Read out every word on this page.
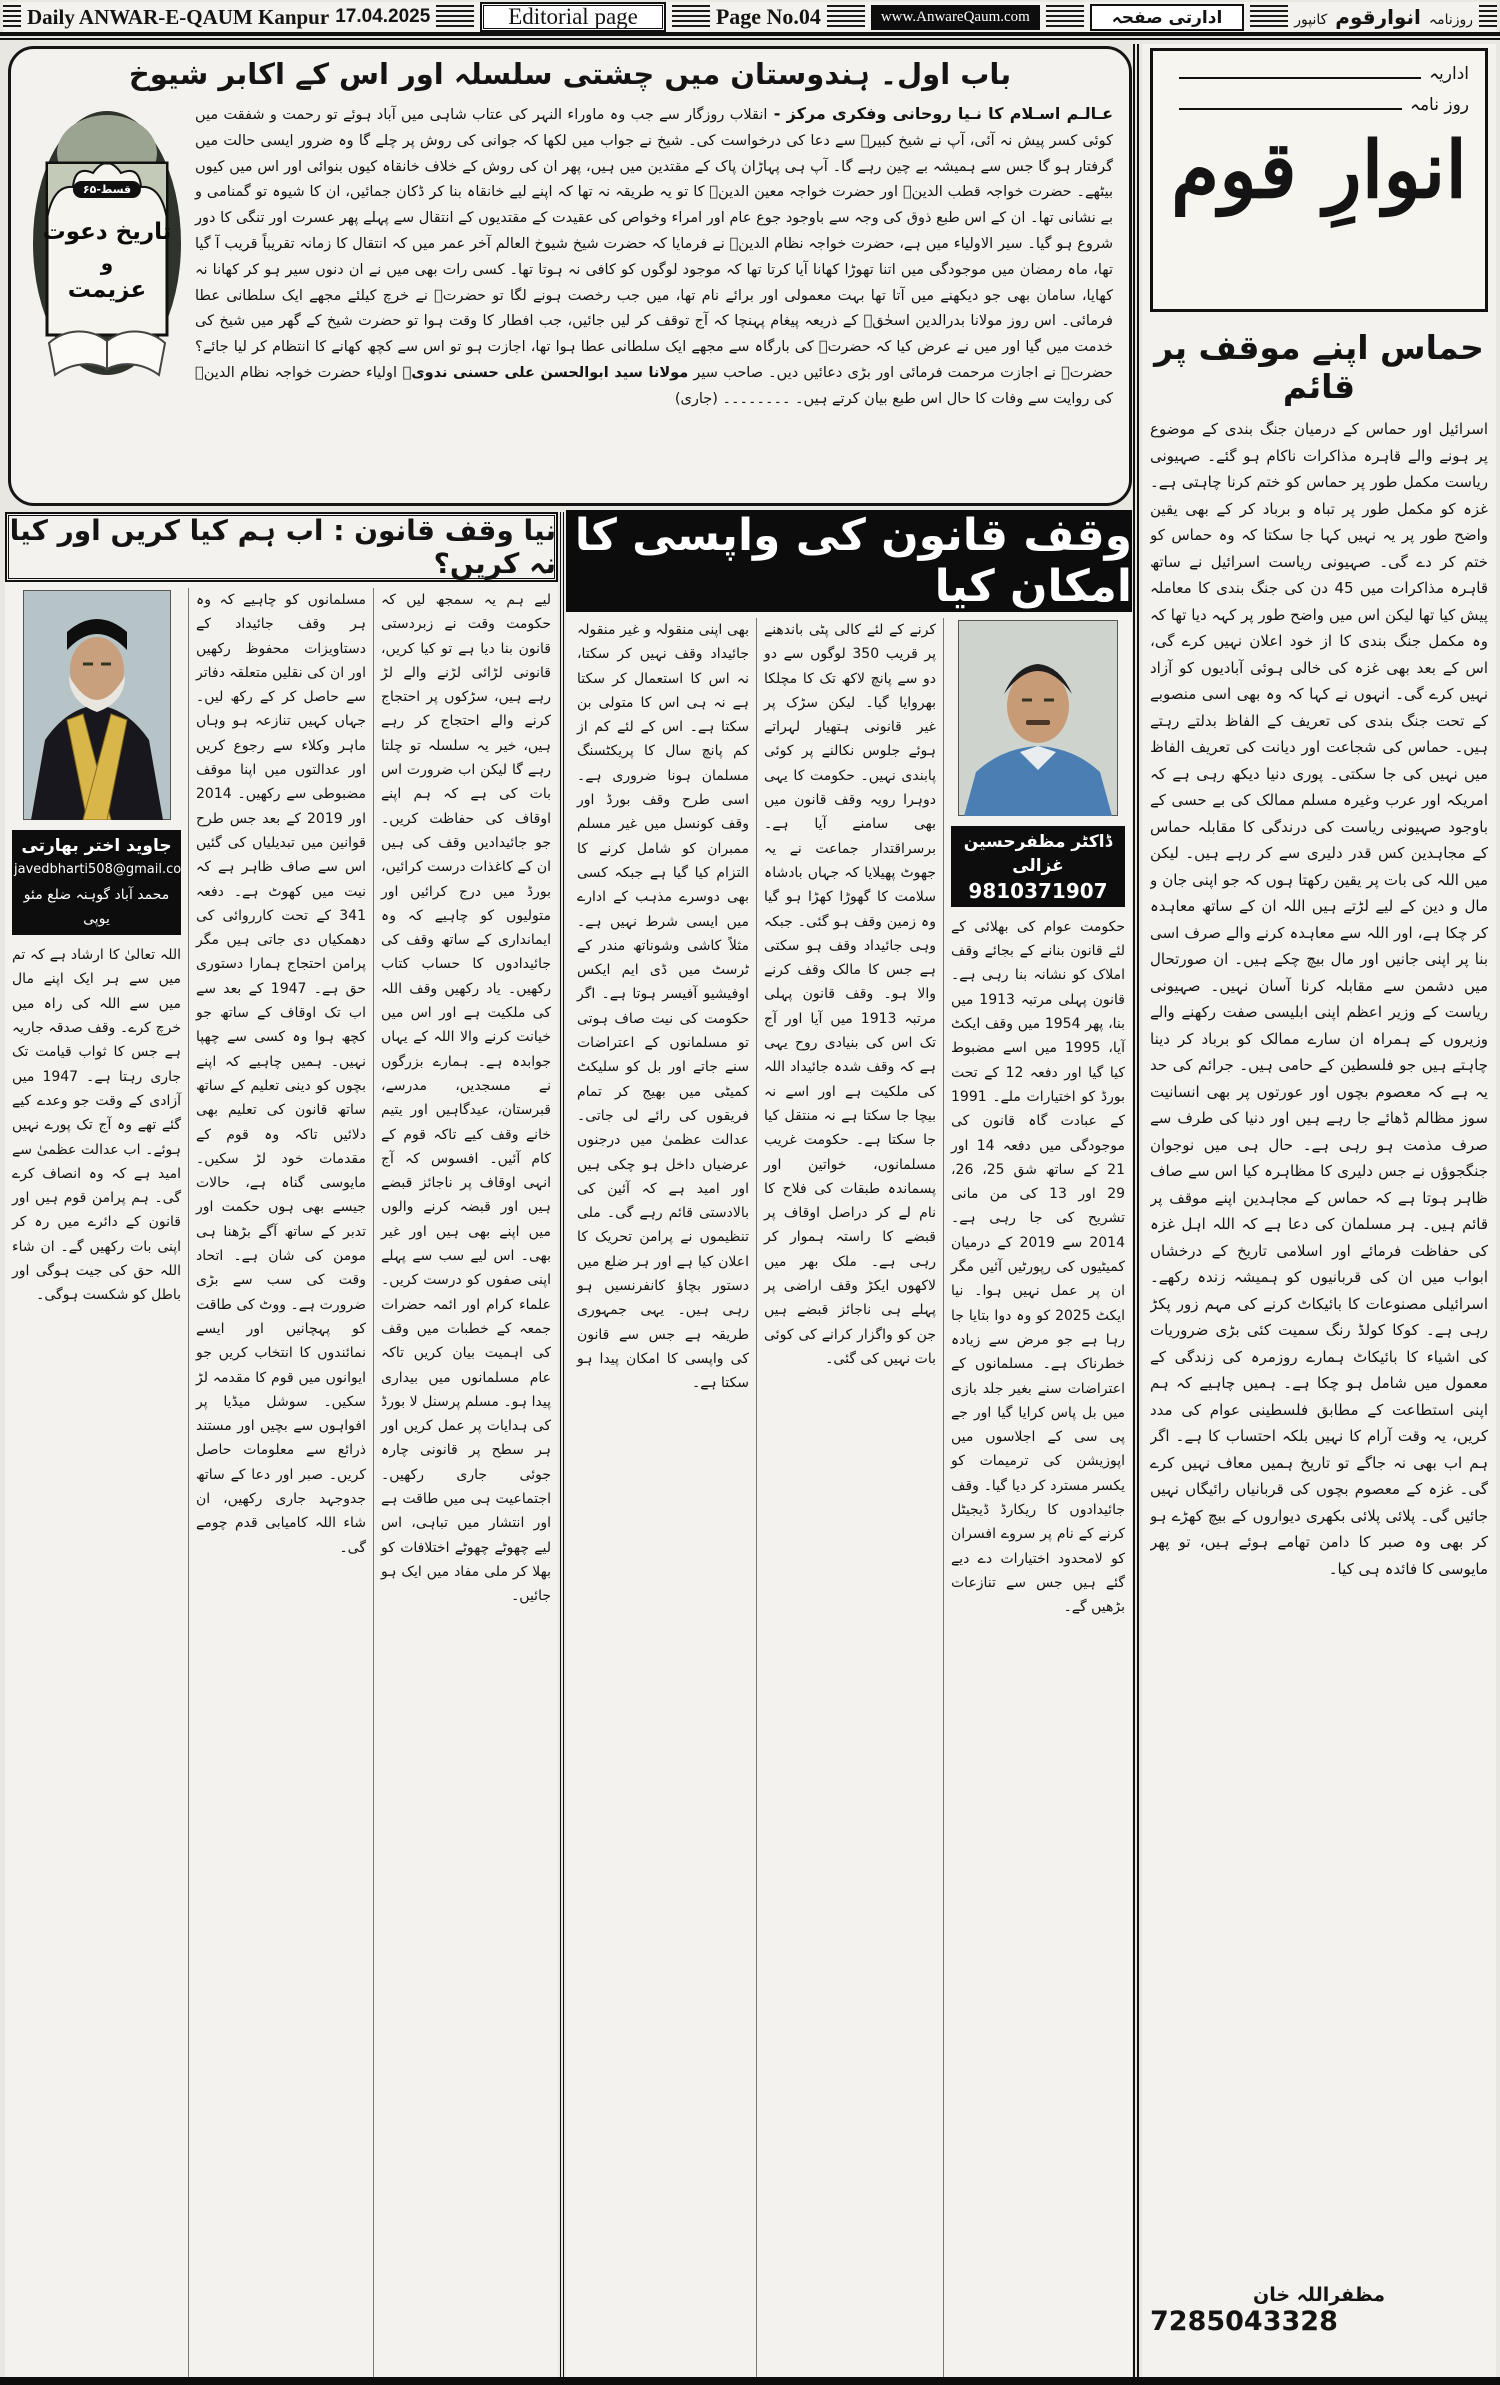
Daily ANWAR-E-QAUM Kanpur 17.04.2025	Editorial page	Page No.04	www.AnwareQaum.com	ادارتی صفحہ	روزنامہ
انوارقوم
کانپور
باب اول۔ ہندوستان میں چشتی سلسلہ اور اس کے اکابر شیوخ
قسط-۶۵
تاریخ دعوت
و
عزیمت

عـالـم اسـلام کا نـیا روحانی وفکری مرکز - انقلاب روزگار سے جب وہ ماوراء النہر کی عتاب شاہی میں آباد ہوئے تو رحمت و شفقت میں کوئی کسر پیش نہ آئی، آپ نے شیخ کبیرؒ سے دعا کی درخواست کی۔ شیخ نے جواب میں لکھا کہ جوانی کی روش پر چلے گا وہ ضرور ایسی حالت میں گرفتار ہو گا جس سے ہمیشہ بے چین رہے گا۔ آپ ہی پہاڑان پاک کے مقتدین میں ہیں، پھر ان کی روش کے خلاف خانقاہ کیوں بنوائی اور اس میں کیوں بیٹھے۔ حضرت خواجہ قطب الدینؒ اور حضرت خواجہ معین الدینؒ کا تو یہ طریقہ نہ تھا کہ اپنے لیے خانقاہ بنا کر ڈکان جمائیں، ان کا شیوہ تو گمنامی و بے نشانی تھا۔ ان کے اس طبع ذوق کی وجہ سے باوجود جوع عام اور امراء وخواص کی عقیدت کے مقتدیوں کے انتقال سے پہلے پھر عسرت اور تنگی کا دور شروع ہو گیا۔ سیر الاولیاء میں ہے، حضرت خواجہ نظام الدینؒ نے فرمایا کہ حضرت شیخ شیوخ العالم آخر عمر میں کہ انتقال کا زمانہ تقریباً قریب آ گیا تھا، ماہ رمضان میں موجودگی میں اتنا تھوڑا کھانا آیا کرتا تھا کہ موجود لوگوں کو کافی نہ ہوتا تھا۔ کسی رات بھی میں نے ان دنوں سیر ہو کر کھانا نہ کھایا، سامان بھی جو دیکھنے میں آتا تھا بہت معمولی اور برائے نام تھا، میں جب رخصت ہونے لگا تو حضرتؒ نے خرچ کیلئے مجھے ایک سلطانی عطا فرمائی۔ اس روز مولانا بدرالدین اسحٰقؒ کے ذریعہ پیغام پہنچا کہ آج توقف کر لیں جائیں، جب افطار کا وقت ہوا تو حضرت شیخ کے گھر میں شیخ کی خدمت میں گیا اور میں نے عرض کیا کہ حضرتؒ کی بارگاہ سے مجھے ایک سلطانی عطا ہوا تھا، اجازت ہو تو اس سے کچھ کھانے کا انتظام کر لیا جائے؟ حضرتؒ نے اجازت مرحمت فرمائی اور بڑی دعائیں دیں۔ صاحب سیر مولانا سید ابوالحسن علی حسنی ندویؒ اولیاء حضرت خواجہ نظام الدینؒ کی روایت سے وفات کا حال اس طبع بیان کرتے ہیں۔ ۔۔۔۔۔۔۔۔ (جاری)

اداریہ
روز نامہ
انوارِ قوم
حماس اپنے موقف پر قائم
اسرائیل اور حماس کے درمیان جنگ بندی کے موضوع پر ہونے والے قاہرہ مذاکرات ناکام ہو گئے۔ صہیونی ریاست مکمل طور پر حماس کو ختم کرنا چاہتی ہے۔ غزہ کو مکمل طور پر تباہ و برباد کر کے بھی یقین واضح طور پر یہ نہیں کہا جا سکتا کہ وہ حماس کو ختم کر دے گی۔ صہیونی ریاست اسرائیل نے ساتھ قاہرہ مذاکرات میں 45 دن کی جنگ بندی کا معاملہ پیش کیا تھا لیکن اس میں واضح طور پر کہہ دیا تھا کہ وہ مکمل جنگ بندی کا از خود اعلان نہیں کرے گی، اس کے بعد بھی غزہ کی خالی ہوئی آبادیوں کو آزاد نہیں کرے گی۔ انہوں نے کہا کہ وہ بھی اسی منصوبے کے تحت جنگ بندی کی تعریف کے الفاظ بدلتے رہتے ہیں۔ حماس کی شجاعت اور دیانت کی تعریف الفاظ میں نہیں کی جا سکتی۔ پوری دنیا دیکھ رہی ہے کہ امریکہ اور عرب وغیرہ مسلم ممالک کی بے حسی کے باوجود صہیونی ریاست کی درندگی کا مقابلہ حماس کے مجاہدین کس قدر دلیری سے کر رہے ہیں۔ لیکن میں اللہ کی بات پر یقین رکھتا ہوں کہ جو اپنی جان و مال و دین کے لیے لڑتے ہیں اللہ ان کے ساتھ معاہدہ کر چکا ہے، اور اللہ سے معاہدہ کرنے والے صرف اسی بنا پر اپنی جانیں اور مال بیچ چکے ہیں۔ ان صورتحال میں دشمن سے مقابلہ کرنا آسان نہیں۔ صہیونی ریاست کے وزیر اعظم اپنی ابلیسی صفت رکھنے والے وزیروں کے ہمراہ ان سارے ممالک کو برباد کر دینا چاہتے ہیں جو فلسطین کے حامی ہیں۔ جرائم کی حد یہ ہے کہ معصوم بچوں اور عورتوں پر بھی انسانیت سوز مظالم ڈھائے جا رہے ہیں اور دنیا کی طرف سے صرف مذمت ہو رہی ہے۔ حال ہی میں نوجوان جنگجوؤں نے جس دلیری کا مظاہرہ کیا اس سے صاف ظاہر ہوتا ہے کہ حماس کے مجاہدین اپنے موقف پر قائم ہیں۔ ہر مسلمان کی دعا ہے کہ اللہ اہل غزہ کی حفاظت فرمائے اور اسلامی تاریخ کے درخشاں ابواب میں ان کی قربانیوں کو ہمیشہ زندہ رکھے۔ اسرائیلی مصنوعات کا بائیکاٹ کرنے کی مہم زور پکڑ رہی ہے۔ کوکا کولڈ رنگ سمیت کئی بڑی ضروریات کی اشیاء کا بائیکاٹ ہمارے روزمرہ کی زندگی کے معمول میں شامل ہو چکا ہے۔ ہمیں چاہیے کہ ہم اپنی استطاعت کے مطابق فلسطینی عوام کی مدد کریں، یہ وقت آرام کا نہیں بلکہ احتساب کا ہے۔ اگر ہم اب بھی نہ جاگے تو تاریخ ہمیں معاف نہیں کرے گی۔ غزہ کے معصوم بچوں کی قربانیاں رائیگاں نہیں جائیں گی۔ پلائی پلائی بکھری دیواروں کے بیچ کھڑے ہو کر بھی وہ صبر کا دامن تھامے ہوئے ہیں، تو پھر مایوسی کا فائدہ ہی کیا۔
مظفراللہ خان
7285043328
نیا وقف قانون : اب ہم کیا کریں اور کیا نہ کریں؟
لیے ہم یہ سمجھ لیں کہ حکومت وقت نے زبردستی قانون بنا دیا ہے تو کیا کریں، قانونی لڑائی لڑنے والے لڑ رہے ہیں، سڑکوں پر احتجاج کرنے والے احتجاج کر رہے ہیں، خیر یہ سلسلہ تو چلتا رہے گا لیکن اب ضرورت اس بات کی ہے کہ ہم اپنے اوقاف کی حفاظت کریں۔ جو جائیدادیں وقف کی ہیں ان کے کاغذات درست کرائیں، بورڈ میں درج کرائیں اور متولیوں کو چاہیے کہ وہ ایمانداری کے ساتھ وقف کی جائیدادوں کا حساب کتاب رکھیں۔ یاد رکھیں وقف اللہ کی ملکیت ہے اور اس میں خیانت کرنے والا اللہ کے یہاں جوابدہ ہے۔ ہمارے بزرگوں نے مسجدیں، مدرسے، قبرستان، عیدگاہیں اور یتیم خانے وقف کیے تاکہ قوم کے کام آئیں۔ افسوس کہ آج انہی اوقاف پر ناجائز قبضے ہیں اور قبضہ کرنے والوں میں اپنے بھی ہیں اور غیر بھی۔ اس لیے سب سے پہلے اپنی صفوں کو درست کریں۔ علماء کرام اور ائمہ حضرات جمعہ کے خطبات میں وقف کی اہمیت بیان کریں تاکہ عام مسلمانوں میں بیداری پیدا ہو۔ مسلم پرسنل لا بورڈ کی ہدایات پر عمل کریں اور ہر سطح پر قانونی چارہ جوئی جاری رکھیں۔ اجتماعیت ہی میں طاقت ہے اور انتشار میں تباہی، اس لیے چھوٹے چھوٹے اختلافات کو بھلا کر ملی مفاد میں ایک ہو جائیں۔
مسلمانوں کو چاہیے کہ وہ ہر وقف جائیداد کے دستاویزات محفوظ رکھیں اور ان کی نقلیں متعلقہ دفاتر سے حاصل کر کے رکھ لیں۔ جہاں کہیں تنازعہ ہو وہاں ماہر وکلاء سے رجوع کریں اور عدالتوں میں اپنا موقف مضبوطی سے رکھیں۔ 2014 اور 2019 کے بعد جس طرح قوانین میں تبدیلیاں کی گئیں اس سے صاف ظاہر ہے کہ نیت میں کھوٹ ہے۔ دفعہ 341 کے تحت کارروائی کی دھمکیاں دی جاتی ہیں مگر پرامن احتجاج ہمارا دستوری حق ہے۔ 1947 کے بعد سے اب تک اوقاف کے ساتھ جو کچھ ہوا وہ کسی سے چھپا نہیں۔ ہمیں چاہیے کہ اپنے بچوں کو دینی تعلیم کے ساتھ ساتھ قانون کی تعلیم بھی دلائیں تاکہ وہ قوم کے مقدمات خود لڑ سکیں۔ مایوسی گناہ ہے، حالات جیسے بھی ہوں حکمت اور تدبر کے ساتھ آگے بڑھنا ہی مومن کی شان ہے۔ اتحاد وقت کی سب سے بڑی ضرورت ہے۔ ووٹ کی طاقت کو پہچانیں اور ایسے نمائندوں کا انتخاب کریں جو ایوانوں میں قوم کا مقدمہ لڑ سکیں۔ سوشل میڈیا پر افواہوں سے بچیں اور مستند ذرائع سے معلومات حاصل کریں۔ صبر اور دعا کے ساتھ جدوجہد جاری رکھیں، ان شاء اللہ کامیابی قدم چومے گی۔
جاوید اختر بھارتی
javedbharti508@gmail.co
محمد آباد گوہنہ ضلع مئو یوپی
اللہ تعالیٰ کا ارشاد ہے کہ تم میں سے ہر ایک اپنے مال میں سے اللہ کی راہ میں خرچ کرے۔ وقف صدقہ جاریہ ہے جس کا ثواب قیامت تک جاری رہتا ہے۔ 1947 میں آزادی کے وقت جو وعدے کیے گئے تھے وہ آج تک پورے نہیں ہوئے۔ اب عدالت عظمیٰ سے امید ہے کہ وہ انصاف کرے گی۔ ہم پرامن قوم ہیں اور قانون کے دائرے میں رہ کر اپنی بات رکھیں گے۔ ان شاء اللہ حق کی جیت ہوگی اور باطل کو شکست ہوگی۔
وقف قانون کی واپسی کا امکان کیا
ڈاکٹر مظفرحسین غزالی
9810371907
حکومت عوام کی بھلائی کے لئے قانون بنانے کے بجائے وقف املاک کو نشانہ بنا رہی ہے۔ قانون پہلی مرتبہ 1913 میں بنا، پھر 1954 میں وقف ایکٹ آیا، 1995 میں اسے مضبوط کیا گیا اور دفعہ 12 کے تحت بورڈ کو اختیارات ملے۔ 1991 کے عبادت گاہ قانون کی موجودگی میں دفعہ 14 اور 21 کے ساتھ شق 25، 26، 29 اور 13 کی من مانی تشریح کی جا رہی ہے۔ 2014 سے 2019 کے درمیان کمیٹیوں کی رپورٹیں آئیں مگر ان پر عمل نہیں ہوا۔ نیا ایکٹ 2025 کو وہ دوا بتایا جا رہا ہے جو مرض سے زیادہ خطرناک ہے۔ مسلمانوں کے اعتراضات سنے بغیر جلد بازی میں بل پاس کرایا گیا اور جے پی سی کے اجلاسوں میں اپوزیشن کی ترمیمات کو یکسر مسترد کر دیا گیا۔ وقف جائیدادوں کا ریکارڈ ڈیجیٹل کرنے کے نام پر سروے افسران کو لامحدود اختیارات دے دیے گئے ہیں جس سے تنازعات بڑھیں گے۔
کرنے کے لئے کالی پٹی باندھنے پر قریب 350 لوگوں سے دو دو سے پانچ لاکھ تک کا مچلکا بھروایا گیا۔ لیکن سڑک پر غیر قانونی ہتھیار لہراتے ہوئے جلوس نکالنے پر کوئی پابندی نہیں۔ حکومت کا یہی دوہرا رویہ وقف قانون میں بھی سامنے آیا ہے۔ برسراقتدار جماعت نے یہ جھوٹ پھیلایا کہ جہاں بادشاہ سلامت کا گھوڑا کھڑا ہو گیا وہ زمین وقف ہو گئی۔ جبکہ وہی جائیداد وقف ہو سکتی ہے جس کا مالک وقف کرنے والا ہو۔ وقف قانون پہلی مرتبہ 1913 میں آیا اور آج تک اس کی بنیادی روح یہی ہے کہ وقف شدہ جائیداد اللہ کی ملکیت ہے اور اسے نہ بیچا جا سکتا ہے نہ منتقل کیا جا سکتا ہے۔ حکومت غریب مسلمانوں، خواتین اور پسماندہ طبقات کی فلاح کا نام لے کر دراصل اوقاف پر قبضے کا راستہ ہموار کر رہی ہے۔ ملک بھر میں لاکھوں ایکڑ وقف اراضی پر پہلے ہی ناجائز قبضے ہیں جن کو واگزار کرانے کی کوئی بات نہیں کی گئی۔
بھی اپنی منقولہ و غیر منقولہ جائیداد وقف نہیں کر سکتا، نہ اس کا استعمال کر سکتا ہے نہ ہی اس کا متولی بن سکتا ہے۔ اس کے لئے کم از کم پانچ سال کا پریکٹسنگ مسلمان ہونا ضروری ہے۔ اسی طرح وقف بورڈ اور وقف کونسل میں غیر مسلم ممبران کو شامل کرنے کا التزام کیا گیا ہے جبکہ کسی بھی دوسرے مذہب کے ادارے میں ایسی شرط نہیں ہے۔ مثلاً کاشی وشوناتھ مندر کے ٹرسٹ میں ڈی ایم ایکس اوفیشیو آفیسر ہوتا ہے۔ اگر حکومت کی نیت صاف ہوتی تو مسلمانوں کے اعتراضات سنے جاتے اور بل کو سلیکٹ کمیٹی میں بھیج کر تمام فریقوں کی رائے لی جاتی۔ عدالت عظمیٰ میں درجنوں عرضیاں داخل ہو چکی ہیں اور امید ہے کہ آئین کی بالادستی قائم رہے گی۔ ملی تنظیموں نے پرامن تحریک کا اعلان کیا ہے اور ہر ضلع میں دستور بچاؤ کانفرنسیں ہو رہی ہیں۔ یہی جمہوری طریقہ ہے جس سے قانون کی واپسی کا امکان پیدا ہو سکتا ہے۔
